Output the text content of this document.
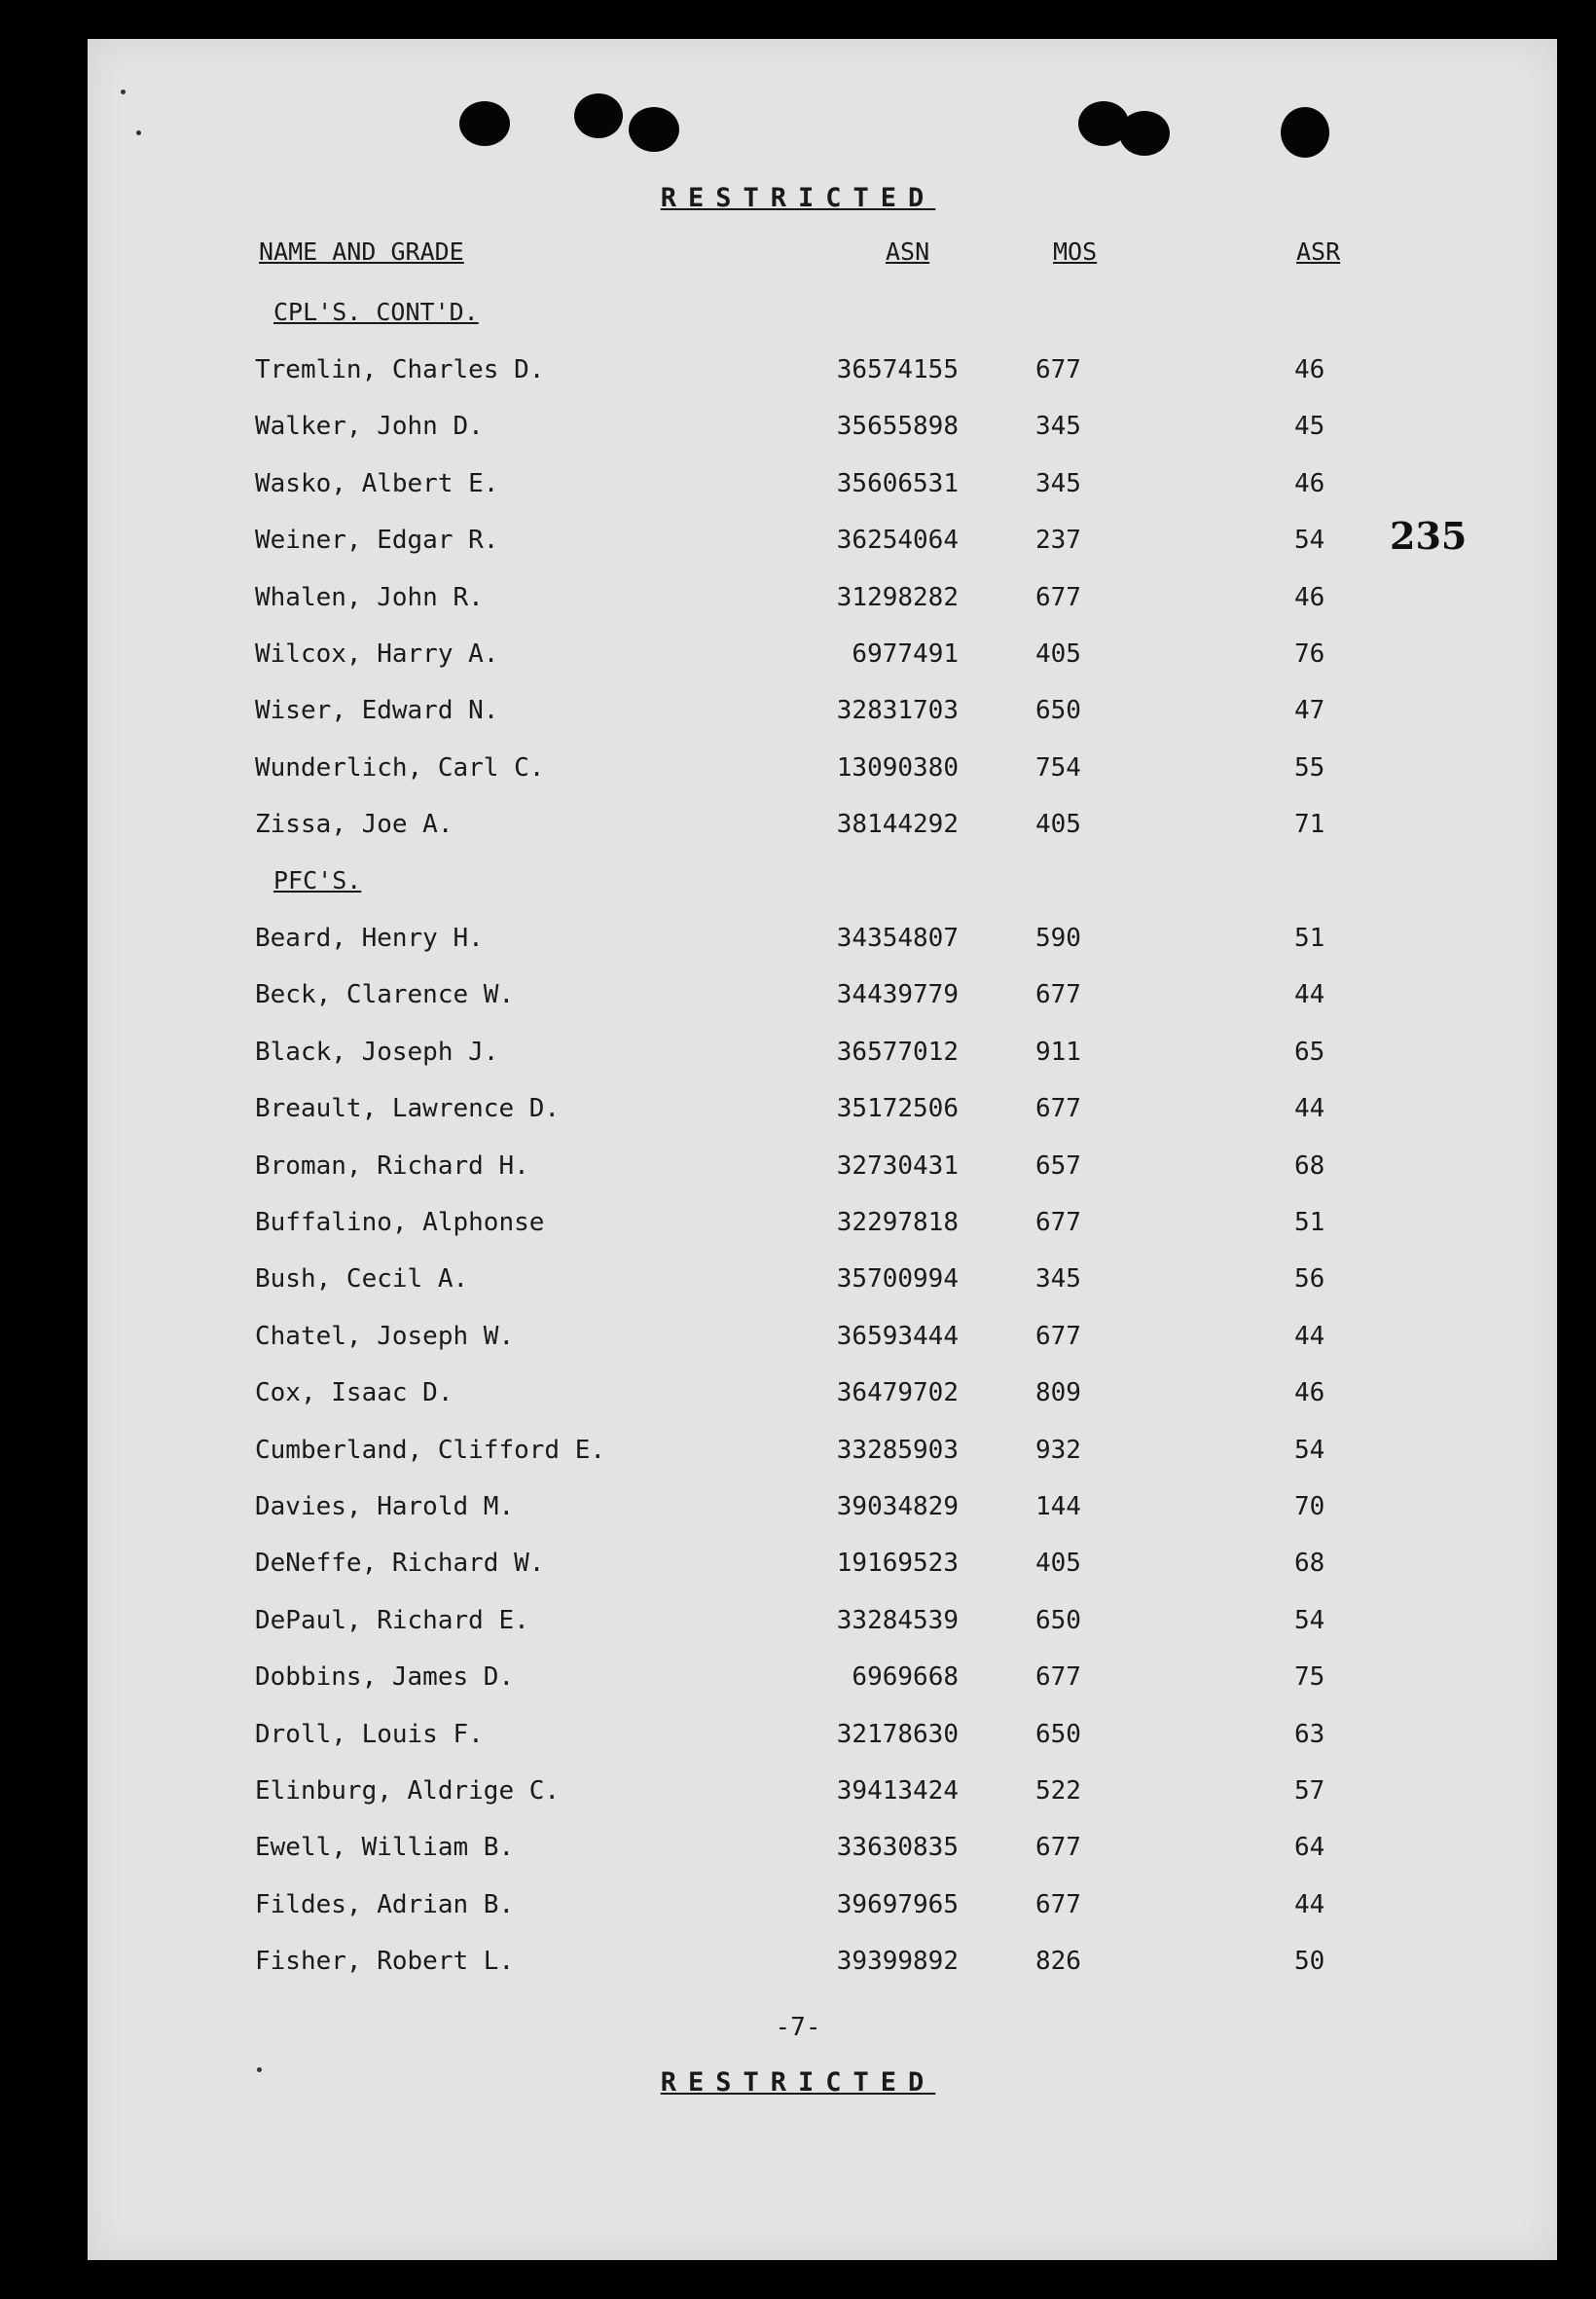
RESTRICTED
NAME AND GRADE	ASN	MOS	ASR
CPL'S. CONT'D.
Tremlin, Charles D.	36574155	677	46
Walker, John D.	35655898	345	45
Wasko, Albert E.	35606531	345	46
Weiner, Edgar R.	36254064	237	54
Whalen, John R.	31298282	677	46
Wilcox, Harry A.	6977491	405	76
Wiser, Edward N.	32831703	650	47
Wunderlich, Carl C.	13090380	754	55
Zissa, Joe A.	38144292	405	71
PFC'S.
Beard, Henry H.	34354807	590	51
Beck, Clarence W.	34439779	677	44
Black, Joseph J.	36577012	911	65
Breault, Lawrence D.	35172506	677	44
Broman, Richard H.	32730431	657	68
Buffalino, Alphonse	32297818	677	51
Bush, Cecil A.	35700994	345	56
Chatel, Joseph W.	36593444	677	44
Cox, Isaac D.	36479702	809	46
Cumberland, Clifford E.	33285903	932	54
Davies, Harold M.	39034829	144	70
DeNeffe, Richard W.	19169523	405	68
DePaul, Richard E.	33284539	650	54
Dobbins, James D.	6969668	677	75
Droll, Louis F.	32178630	650	63
Elinburg, Aldrige C.	39413424	522	57
Ewell, William B.	33630835	677	64
Fildes, Adrian B.	39697965	677	44
Fisher, Robert L.	39399892	826	50
235
-7-
RESTRICTED
